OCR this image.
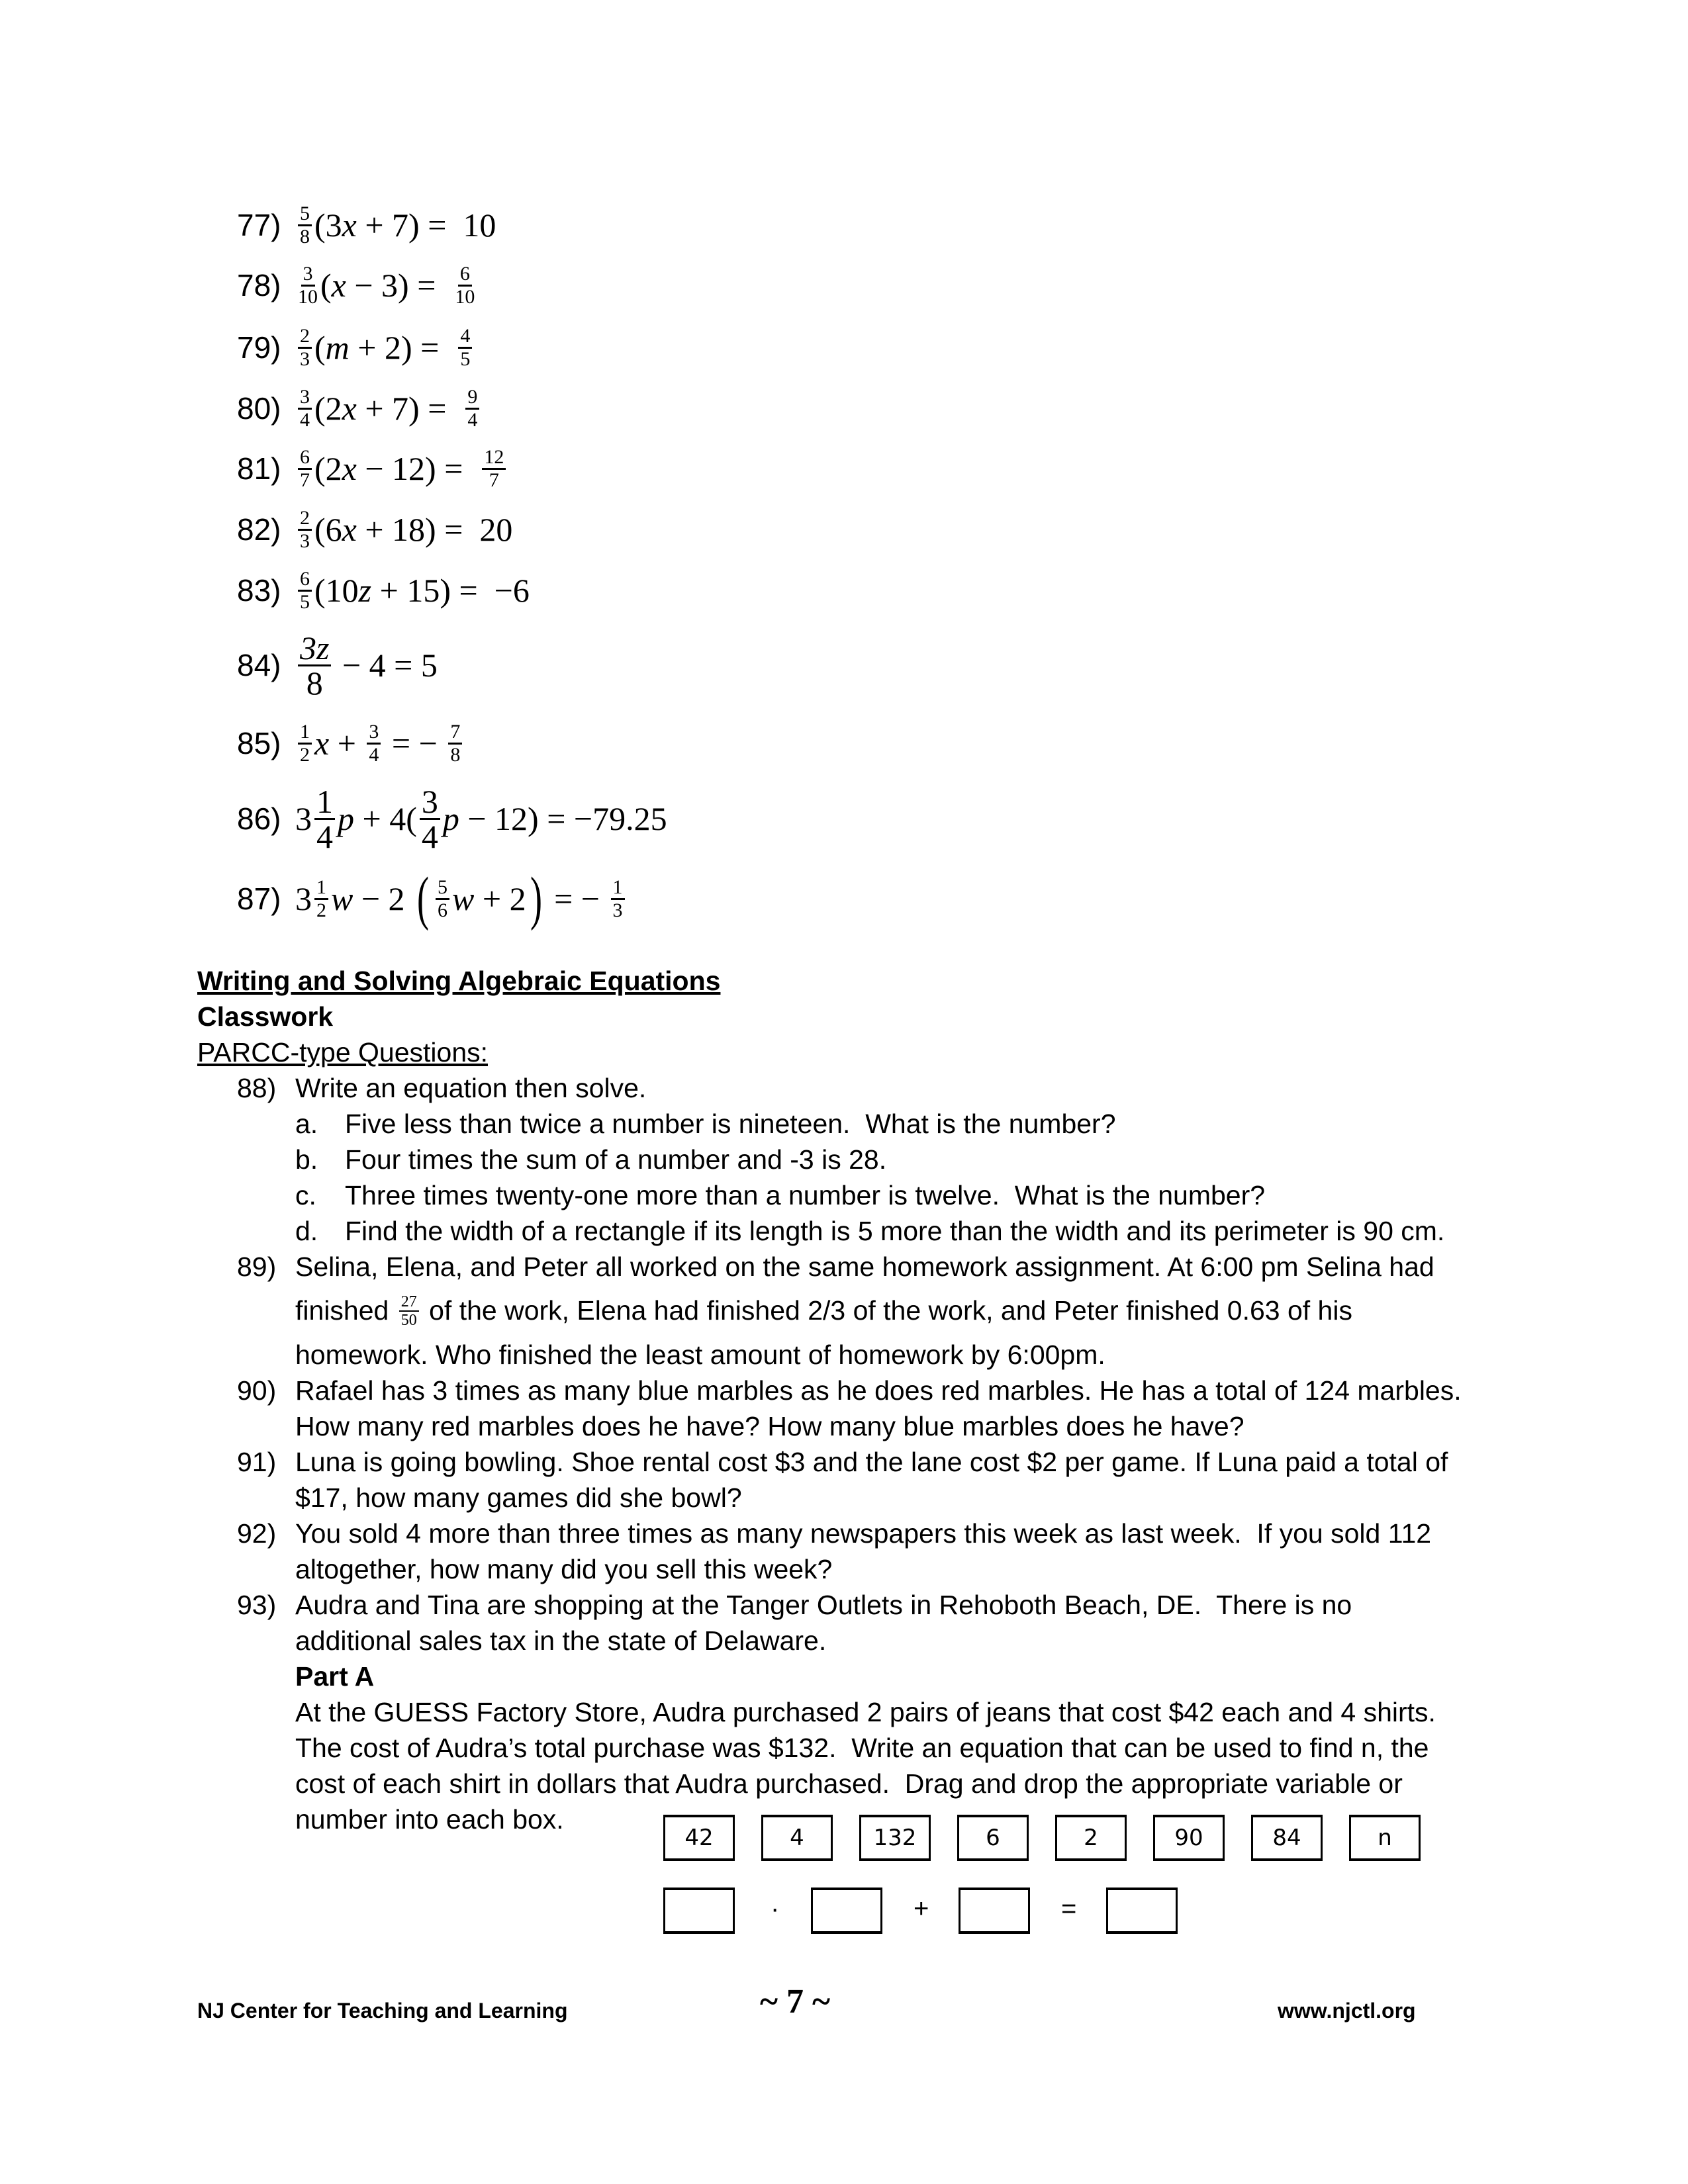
$77) \frac{5}{8} (3$ x + 7) =  10
$78) \frac{3}{10}$ ( $x - 3) = \frac{6}{10}$
$79) \frac{2}{3}$ ( $m + 2) = \frac{4}{5}$
$80) \frac{3}{4} (2$ $x + 7) = \frac{9}{4}$
$81) \frac{6}{7} (2$ $x - 12) = \frac{12}{7}$
$82) \frac{2}{3} (6$ x + 18) =  20
$83) \frac{6}{5} (10$ z + 15) =  −6
$84) \frac{3z}{8} - 4 = 5$
$85) \frac{1}{2}$ $x + \frac{3}{4}$ = − $\frac{7}{8}$
86) $3 \frac{1}{4}$ $p + 4( \frac{3}{4}$ p − 12) = −79.25
87) $3 \frac{1}{2}$ w − 2 ( $\frac{5}{6}$ w + 2 ) = − $\frac{1}{3}$
Writing and Solving Algebraic Equations
Classwork
PARCC-type Questions:
88) Write an equation then solve.
a. Five less than twice a number is nineteen.  What is the number?
b. Four times the sum of a number and -3 is 28.
c. Three times twenty-one more than a number is twelve.  What is the number?
d. Find the width of a rectangle if its length is 5 more than the width and its perimeter is 90 cm.
89) Selina, Elena, and Peter all worked on the same homework assignment. At 6:00 pm Selina had
finished $\frac{27}{50}$ of the work, Elena had finished 2/3 of the work, and Peter finished 0.63 of his
homework. Who finished the least amount of homework by 6:00pm.
90) Rafael has 3 times as many blue marbles as he does red marbles. He has a total of 124 marbles.
How many red marbles does he have? How many blue marbles does he have?
91) Luna is going bowling. Shoe rental cost $3 and the lane cost $2 per game. If Luna paid a total of
$17, how many games did she bowl?
92) You sold 4 more than three times as many newspapers this week as last week.  If you sold 112
altogether, how many did you sell this week?
93) Audra and Tina are shopping at the Tanger Outlets in Rehoboth Beach, DE.  There is no
additional sales tax in the state of Delaware.
Part A
At the GUESS Factory Store, Audra purchased 2 pairs of jeans that cost $42 each and 4 shirts.
The cost of Audra’s total purchase was $132.  Write an equation that can be used to find n, the
cost of each shirt in dollars that Audra purchased.  Drag and drop the appropriate variable or
number into each box.
42	4	132	6	2	90	84	n
·	+	=
NJ Center for Teaching and Learning	~ 7 ~	www.njctl.org
